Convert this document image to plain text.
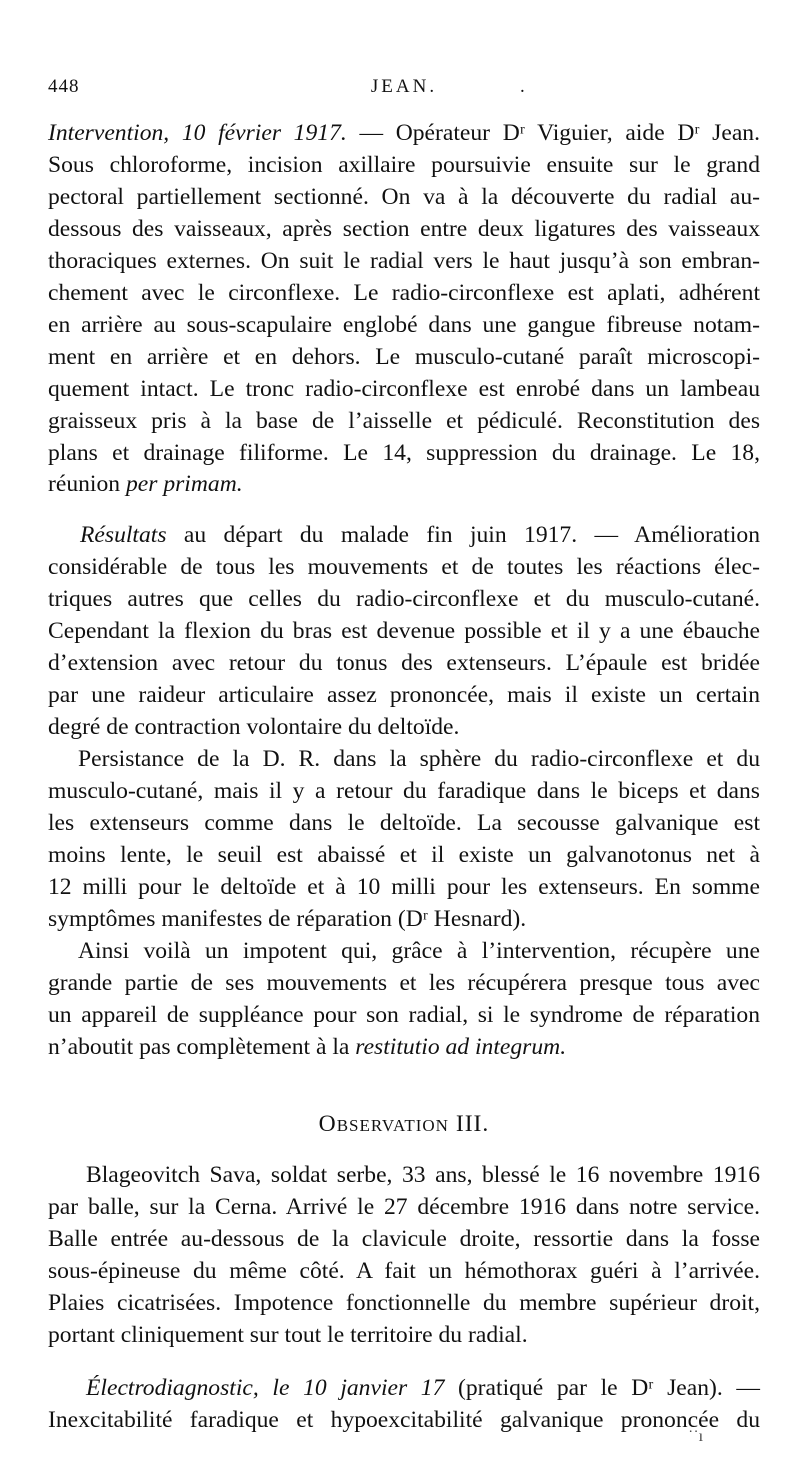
448	JEAN.	.
Intervention, 10 février 1917. — Opérateur Dʳ Viguier, aide Dʳ Jean.
Sous chloroforme, incision axillaire poursuivie ensuite sur le grand
pectoral partiellement sectionné. On va à la découverte du radial au-
dessous des vaisseaux, après section entre deux ligatures des vaisseaux
thoraciques externes. On suit le radial vers le haut jusqu’à son embran-
chement avec le circonflexe. Le radio-circonflexe est aplati, adhérent
en arrière au sous-scapulaire englobé dans une gangue fibreuse notam-
ment en arrière et en dehors. Le musculo-cutané paraît microscopi-
quement intact. Le tronc radio-circonflexe est enrobé dans un lambeau
graisseux pris à la base de l’aisselle et pédiculé. Reconstitution des
plans et drainage filiforme. Le 14, suppression du drainage. Le 18,
réunion per primam.
Résultats au départ du malade fin juin 1917. — Amélioration
considérable de tous les mouvements et de toutes les réactions élec-
triques autres que celles du radio-circonflexe et du musculo-cutané.
Cependant la flexion du bras est devenue possible et il y a une ébauche
d’extension avec retour du tonus des extenseurs. L’épaule est bridée
par une raideur articulaire assez prononcée, mais il existe un certain
degré de contraction volontaire du deltoïde.
Persistance de la D. R. dans la sphère du radio-circonflexe et du
musculo-cutané, mais il y a retour du faradique dans le biceps et dans
les extenseurs comme dans le deltoïde. La secousse galvanique est
moins lente, le seuil est abaissé et il existe un galvanotonus net à
12 milli pour le deltoïde et à 10 milli pour les extenseurs. En somme
symptômes manifestes de réparation (Dʳ Hesnard).
Ainsi voilà un impotent qui, grâce à l’intervention, récupère une
grande partie de ses mouvements et les récupérera presque tous avec
un appareil de suppléance pour son radial, si le syndrome de réparation
n’aboutit pas complètement à la restitutio ad integrum.
Observation III.
Blageovitch Sava, soldat serbe, 33 ans, blessé le 16 novembre 1916
par balle, sur la Cerna. Arrivé le 27 décembre 1916 dans notre service.
Balle entrée au-dessous de la clavicule droite, ressortie dans la fosse
sous-épineuse du même côté. A fait un hémothorax guéri à l’arrivée.
Plaies cicatrisées. Impotence fonctionnelle du membre supérieur droit,
portant cliniquement sur tout le territoire du radial.
Électrodiagnostic, le 10 janvier 17 (pratiqué par le Dʳ Jean). —
Inexcitabilité faradique et hypoexcitabilité galvanique prononcée du
˙˙ı
